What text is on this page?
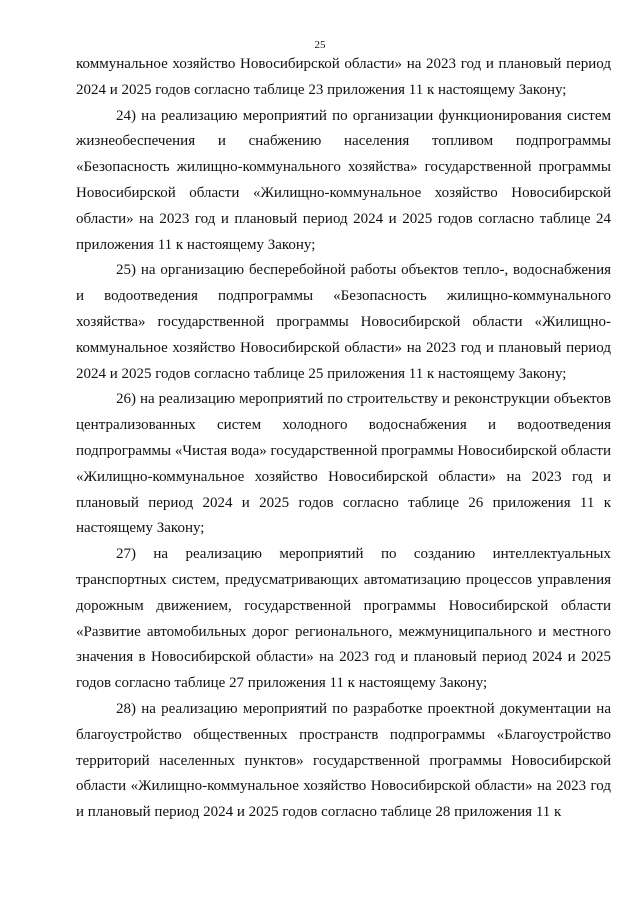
25

коммунальное хозяйство Новосибирской области» на 2023 год и плановый период 2024 и 2025 годов согласно таблице 23 приложения 11 к настоящему Закону;

24) на реализацию мероприятий по организации функционирования систем жизнеобеспечения и снабжению населения топливом подпрограммы «Безопасность жилищно-коммунального хозяйства» государственной программы Новосибирской области «Жилищно-коммунальное хозяйство Новосибирской области» на 2023 год и плановый период 2024 и 2025 годов согласно таблице 24 приложения 11 к настоящему Закону;

25) на организацию бесперебойной работы объектов тепло-, водоснабжения и водоотведения подпрограммы «Безопасность жилищно-коммунального хозяйства» государственной программы Новосибирской области «Жилищно-коммунальное хозяйство Новосибирской области» на 2023 год и плановый период 2024 и 2025 годов согласно таблице 25 приложения 11 к настоящему Закону;

26) на реализацию мероприятий по строительству и реконструкции объектов централизованных систем холодного водоснабжения и водоотведения подпрограммы «Чистая вода» государственной программы Новосибирской области «Жилищно-коммунальное хозяйство Новосибирской области» на 2023 год и плановый период 2024 и 2025 годов согласно таблице 26 приложения 11 к настоящему Закону;

27) на реализацию мероприятий по созданию интеллектуальных транспортных систем, предусматривающих автоматизацию процессов управления дорожным движением, государственной программы Новосибирской области «Развитие автомобильных дорог регионального, межмуниципального и местного значения в Новосибирской области» на 2023 год и плановый период 2024 и 2025 годов согласно таблице 27 приложения 11 к настоящему Закону;

28) на реализацию мероприятий по разработке проектной документации на благоустройство общественных пространств подпрограммы «Благоустройство территорий населенных пунктов» государственной программы Новосибирской области «Жилищно-коммунальное хозяйство Новосибирской области» на 2023 год и плановый период 2024 и 2025 годов согласно таблице 28 приложения 11 к
